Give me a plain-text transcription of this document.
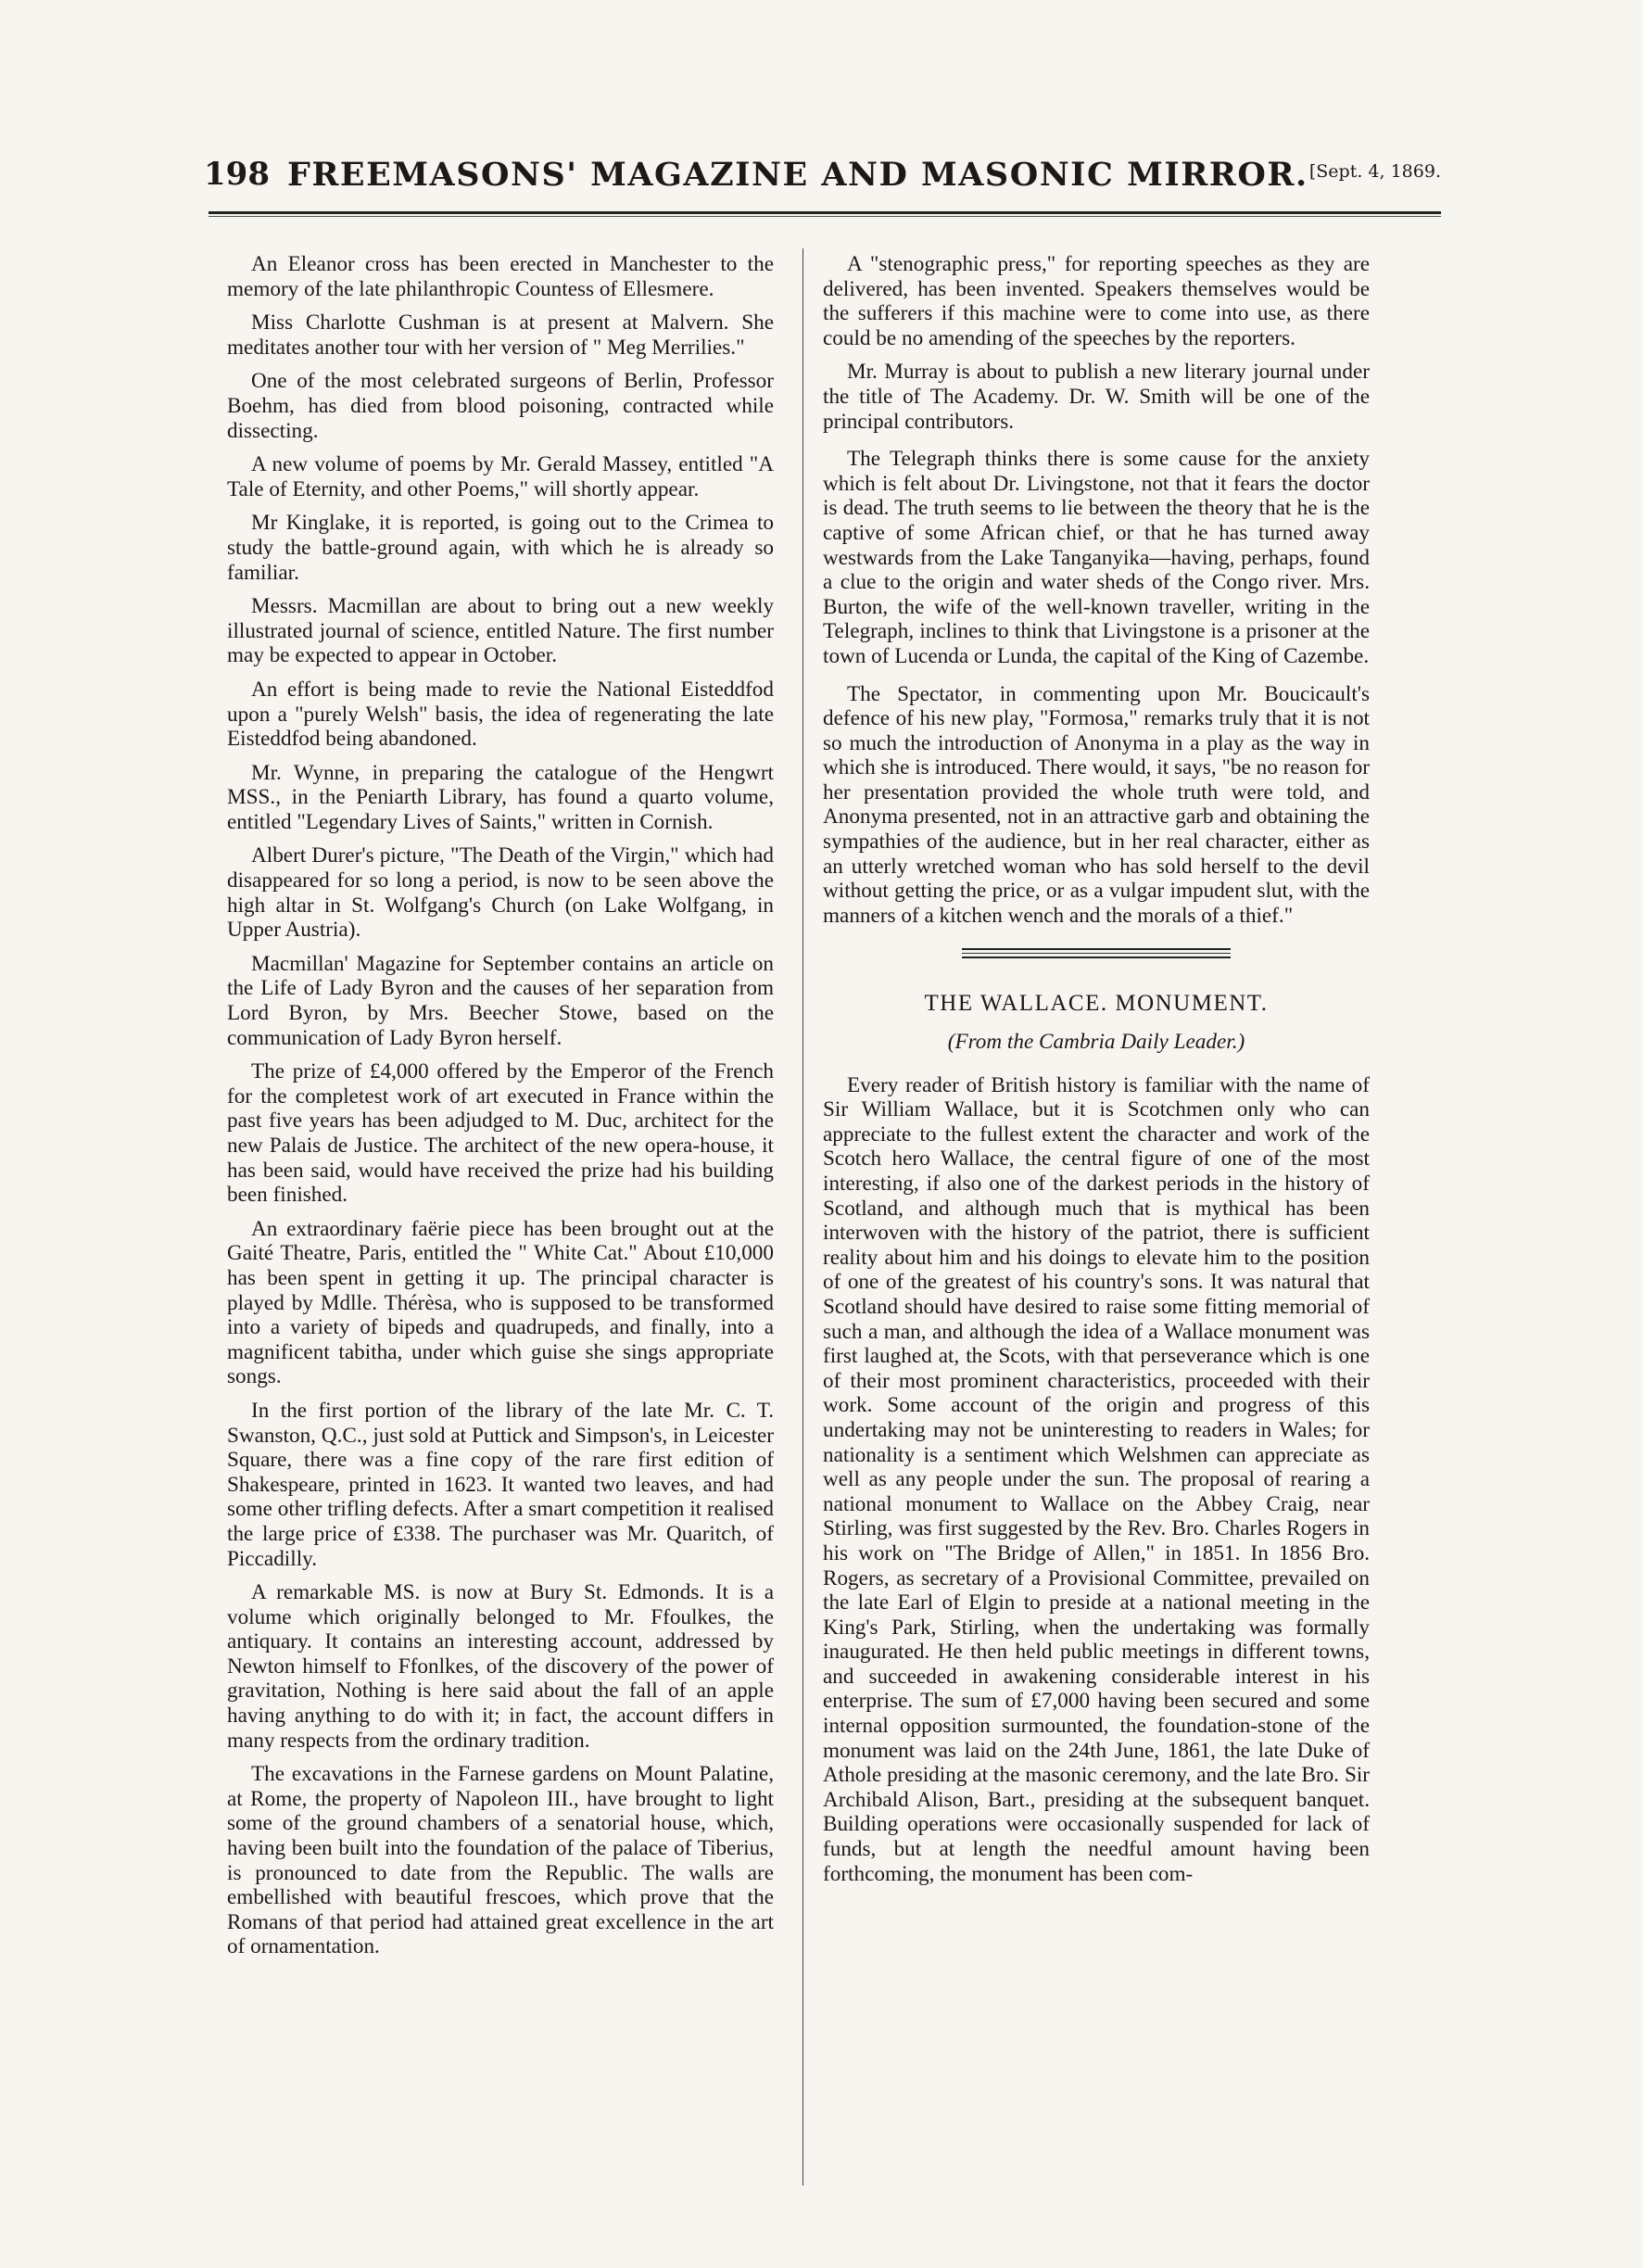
198 FREEMASONS' MAGAZINE AND MASONIC MIRROR. [Sept. 4, 1869.

An Eleanor cross has been erected in Manchester to the memory of the late philanthropic Countess of Ellesmere.

Miss Charlotte Cushman is at present at Malvern. She meditates another tour with her version of " Meg Merrilies."

One of the most celebrated surgeons of Berlin, Professor Boehm, has died from blood poisoning, contracted while dissecting.

A new volume of poems by Mr. Gerald Massey, entitled "A Tale of Eternity, and other Poems," will shortly appear.

Mr Kinglake, it is reported, is going out to the Crimea to study the battle-ground again, with which he is already so familiar.

Messrs. Macmillan are about to bring out a new weekly illustrated journal of science, entitled Nature. The first number may be expected to appear in October.

An effort is being made to revie the National Eisteddfod upon a "purely Welsh" basis, the idea of regenerating the late Eisteddfod being abandoned.

Mr. Wynne, in preparing the catalogue of the Hengwrt MSS., in the Peniarth Library, has found a quarto volume, entitled "Legendary Lives of Saints," written in Cornish.

Albert Durer's picture, "The Death of the Virgin," which had disappeared for so long a period, is now to be seen above the high altar in St. Wolfgang's Church (on Lake Wolfgang, in Upper Austria).

Macmillan' Magazine for September contains an article on the Life of Lady Byron and the causes of her separation from Lord Byron, by Mrs. Beecher Stowe, based on the communication of Lady Byron herself.

The prize of £4,000 offered by the Emperor of the French for the completest work of art executed in France within the past five years has been adjudged to M. Duc, architect for the new Palais de Justice. The architect of the new opera-house, it has been said, would have received the prize had his building been finished.

An extraordinary faërie piece has been brought out at the Gaité Theatre, Paris, entitled the " White Cat." About £10,000 has been spent in getting it up. The principal character is played by Mdlle. Thérèsa, who is supposed to be transformed into a variety of bipeds and quadrupeds, and finally, into a magnificent tabitha, under which guise she sings appropriate songs.

In the first portion of the library of the late Mr. C. T. Swanston, Q.C., just sold at Puttick and Simpson's, in Leicester Square, there was a fine copy of the rare first edition of Shakespeare, printed in 1623. It wanted two leaves, and had some other trifling defects. After a smart competition it realised the large price of £338. The purchaser was Mr. Quaritch, of Piccadilly.

A remarkable MS. is now at Bury St. Edmonds. It is a volume which originally belonged to Mr. Ffoulkes, the antiquary. It contains an interesting account, addressed by Newton himself to Ffonlkes, of the discovery of the power of gravitation, Nothing is here said about the fall of an apple having anything to do with it; in fact, the account differs in many respects from the ordinary tradition.

The excavations in the Farnese gardens on Mount Palatine, at Rome, the property of Napoleon III., have brought to light some of the ground chambers of a senatorial house, which, having been built into the foundation of the palace of Tiberius, is pronounced to date from the Republic. The walls are embellished with beautiful frescoes, which prove that the Romans of that period had attained great excellence in the art of ornamentation.

A "stenographic press," for reporting speeches as they are delivered, has been invented. Speakers themselves would be the sufferers if this machine were to come into use, as there could be no amending of the speeches by the reporters.

Mr. Murray is about to publish a new literary journal under the title of The Academy. Dr. W. Smith will be one of the principal contributors.

The Telegraph thinks there is some cause for the anxiety which is felt about Dr. Livingstone, not that it fears the doctor is dead. The truth seems to lie between the theory that he is the captive of some African chief, or that he has turned away westwards from the Lake Tanganyika—having, perhaps, found a clue to the origin and water sheds of the Congo river. Mrs. Burton, the wife of the well-known traveller, writing in the Telegraph, inclines to think that Livingstone is a prisoner at the town of Lucenda or Lunda, the capital of the King of Cazembe.

The Spectator, in commenting upon Mr. Boucicault's defence of his new play, "Formosa," remarks truly that it is not so much the introduction of Anonyma in a play as the way in which she is introduced. There would, it says, "be no reason for her presentation provided the whole truth were told, and Anonyma presented, not in an attractive garb and obtaining the sympathies of the audience, but in her real character, either as an utterly wretched woman who has sold herself to the devil without getting the price, or as a vulgar impudent slut, with the manners of a kitchen wench and the morals of a thief."

THE WALLACE. MONUMENT.

(From the Cambria Daily Leader.)

Every reader of British history is familiar with the name of Sir William Wallace, but it is Scotchmen only who can appreciate to the fullest extent the character and work of the Scotch hero Wallace, the central figure of one of the most interesting, if also one of the darkest periods in the history of Scotland, and although much that is mythical has been interwoven with the history of the patriot, there is sufficient reality about him and his doings to elevate him to the position of one of the greatest of his country's sons. It was natural that Scotland should have desired to raise some fitting memorial of such a man, and although the idea of a Wallace monument was first laughed at, the Scots, with that perseverance which is one of their most prominent characteristics, proceeded with their work. Some account of the origin and progress of this undertaking may not be uninteresting to readers in Wales; for nationality is a sentiment which Welshmen can appreciate as well as any people under the sun. The proposal of rearing a national monument to Wallace on the Abbey Craig, near Stirling, was first suggested by the Rev. Bro. Charles Rogers in his work on "The Bridge of Allen," in 1851. In 1856 Bro. Rogers, as secretary of a Provisional Committee, prevailed on the late Earl of Elgin to preside at a national meeting in the King's Park, Stirling, when the undertaking was formally inaugurated. He then held public meetings in different towns, and succeeded in awakening considerable interest in his enterprise. The sum of £7,000 having been secured and some internal opposition surmounted, the foundation-stone of the monument was laid on the 24th June, 1861, the late Duke of Athole presiding at the masonic ceremony, and the late Bro. Sir Archibald Alison, Bart., presiding at the subsequent banquet. Building operations were occasionally suspended for lack of funds, but at length the needful amount having been forthcoming, the monument has been com-
